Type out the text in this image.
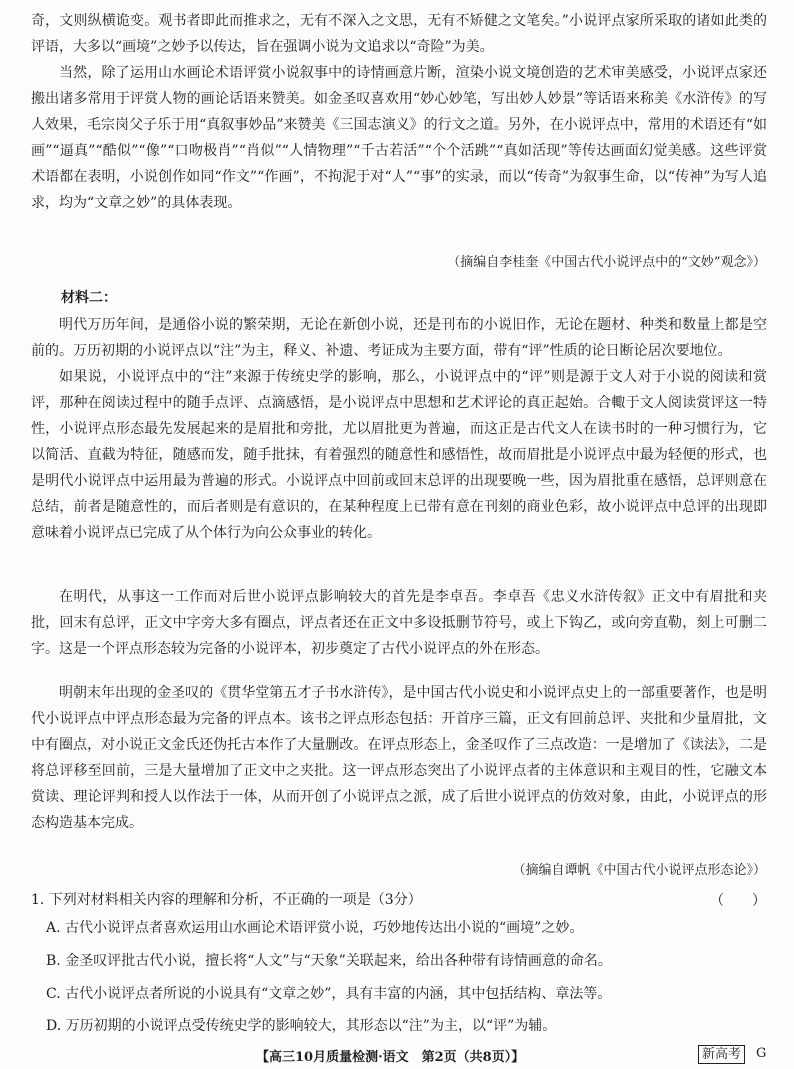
奇，文则纵横诡变。观书者即此而推求之，无有不深入之文思，无有不矫健之文笔矣。”小说评点家所采取的诸如此类的评语，大多以“画境”之妙予以传达，旨在强调小说为文追求以“奇险”为美。

当然，除了运用山水画论术语评赏小说叙事中的诗情画意片断，渲染小说文境创造的艺术审美感受，小说评点家还搬出诸多常用于评赏人物的画论话语来赞美。如金圣叹喜欢用“妙心妙笔，写出妙人妙景”等话语来称美《水浒传》的写人效果，毛宗岗父子乐于用“真叙事妙品”来赞美《三国志演义》的行文之道。另外，在小说评点中，常用的术语还有“如画”“逼真”“酷似”“像”“口吻极肖”“肖似”“人情物理”“千古若活”“个个活跳”“真如活现”等传达画面幻觉美感。这些评赏术语都在表明，小说创作如同“作文”“作画”，不拘泥于对“人”“事”的实录，而以“传奇”为叙事生命，以“传神”为写人追求，均为“文章之妙”的具体表现。

（摘编自李桂奎《中国古代小说评点中的“文妙”观念》）

材料二：

明代万历年间，是通俗小说的繁荣期，无论在新创小说，还是刊布的小说旧作，无论在题材、种类和数量上都是空前的。万历初期的小说评点以“注”为主，释义、补遗、考证成为主要方面，带有“评”性质的论日断论居次要地位。

如果说，小说评点中的“注”来源于传统史学的影响，那么，小说评点中的“评”则是源于文人对于小说的阅读和赏评，那种在阅读过程中的随手点评、点滴感悟，是小说评点中思想和艺术评论的真正起始。合輙于文人阅读赏评这一特性，小说评点形态最先发展起来的是眉批和旁批，尤以眉批更为普遍，而这正是古代文人在读书时的一种习惯行为，它以简活、直截为特征，随感而发，随手批抹，有着强烈的随意性和感悟性，故而眉批是小说评点中最为轻便的形式，也是明代小说评点中运用最为普遍的形式。小说评点中回前或回末总评的出现要晚一些，因为眉批重在感悟，总评则意在总结，前者是随意性的，而后者则是有意识的，在某种程度上已带有意在刊刻的商业色彩，故小说评点中总评的出现即意味着小说评点已完成了从个体行为向公众事业的转化。

在明代，从事这一工作而对后世小说评点影响较大的首先是李卓吾。李卓吾《忠义水浒传叙》正文中有眉批和夹批，回末有总评，正文中字旁大多有圈点，评点者还在正文中多设抵删节符号，或上下钩乙，或向旁直勒，刻上可删二字。这是一个评点形态较为完备的小说评本，初步奠定了古代小说评点的外在形态。

明朝末年出现的金圣叹的《贯华堂第五才子书水浒传》，是中国古代小说史和小说评点史上的一部重要著作，也是明代小说评点中评点形态最为完备的评点本。该书之评点形态包括：开首序三篇，正文有回前总评、夹批和少量眉批，文中有圈点，对小说正文金氏还伪托古本作了大量删改。在评点形态上，金圣叹作了三点改造：一是增加了《读法》，二是将总评移至回前，三是大量增加了正文中之夹批。这一评点形态突出了小说评点者的主体意识和主观目的性，它融文本赏读、理论评判和授人以作法于一体，从而开创了小说评点之派，成了后世小说评点的仿效对象，由此，小说评点的形态构造基本完成。

（摘编自谭帆《中国古代小说评点形态论》）

1. 下列对材料相关内容的理解和分析，不正确的一项是（3分）	（　　）

A. 古代小说评点者喜欢运用山水画论术语评赏小说，巧妙地传达出小说的“画境”之妙。

B. 金圣叹评批古代小说，擅长将“人文”与“天象”关联起来，给出各种带有诗情画意的命名。

C. 古代小说评点者所说的小说具有“文章之妙”，具有丰富的内涵，其中包括结构、章法等。

D. 万历初期的小说评点受传统史学的影响较大，其形态以“注”为主，以“评”为辅。

【高三10月质量检测·语文　第2页（共8页）】	新高考	G
